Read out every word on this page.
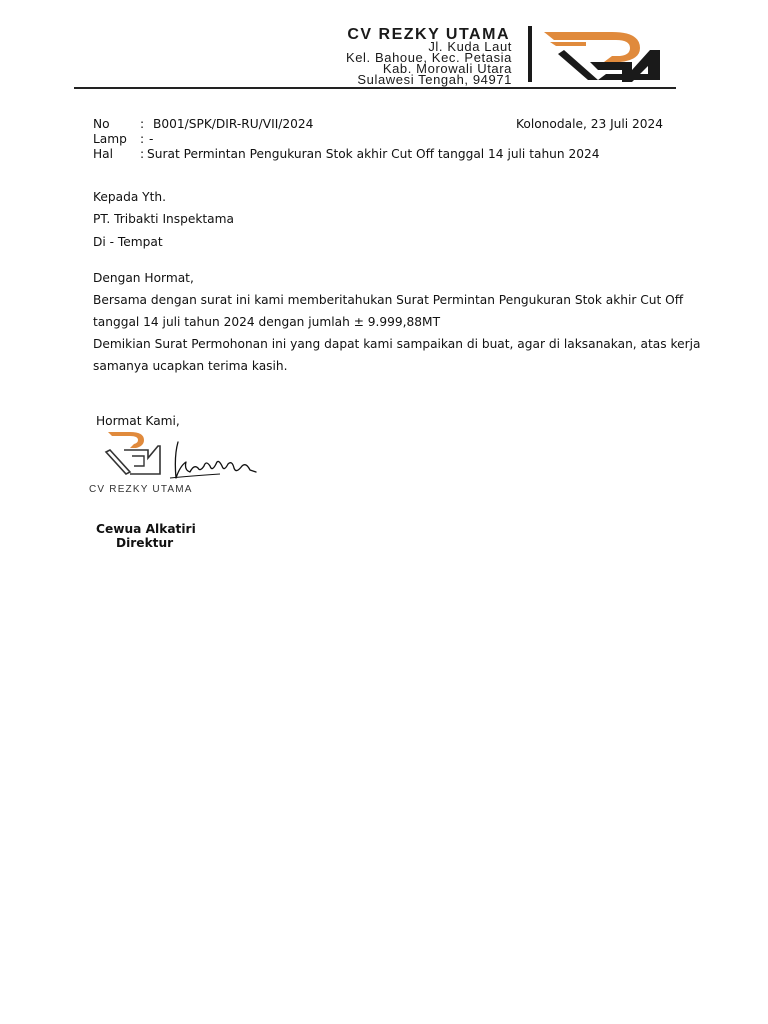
CV REZKY UTAMA
Jl. Kuda Laut
Kel. Bahoue, Kec. Petasia
Kab. Morowali Utara
Sulawesi Tengah, 94971
No : B001/SPK/DIR-RU/VII/2024	Kolonodale, 23 Juli 2024
Lamp : -
Hal : Surat Permintan Pengukuran Stok akhir Cut Off tanggal 14 juli tahun 2024
Kepada Yth.
PT. Tribakti Inspektama
Di - Tempat
Dengan Hormat,
Bersama dengan surat ini kami memberitahukan Surat Permintan Pengukuran Stok akhir Cut Off
tanggal 14 juli tahun 2024 dengan jumlah ± 9.999,88MT
Demikian Surat Permohonan ini yang dapat kami sampaikan di buat, agar di laksanakan, atas kerja
samanya ucapkan terima kasih.
Hormat Kami,
CV REZKY UTAMA
Cewua Alkatiri
Direktur
